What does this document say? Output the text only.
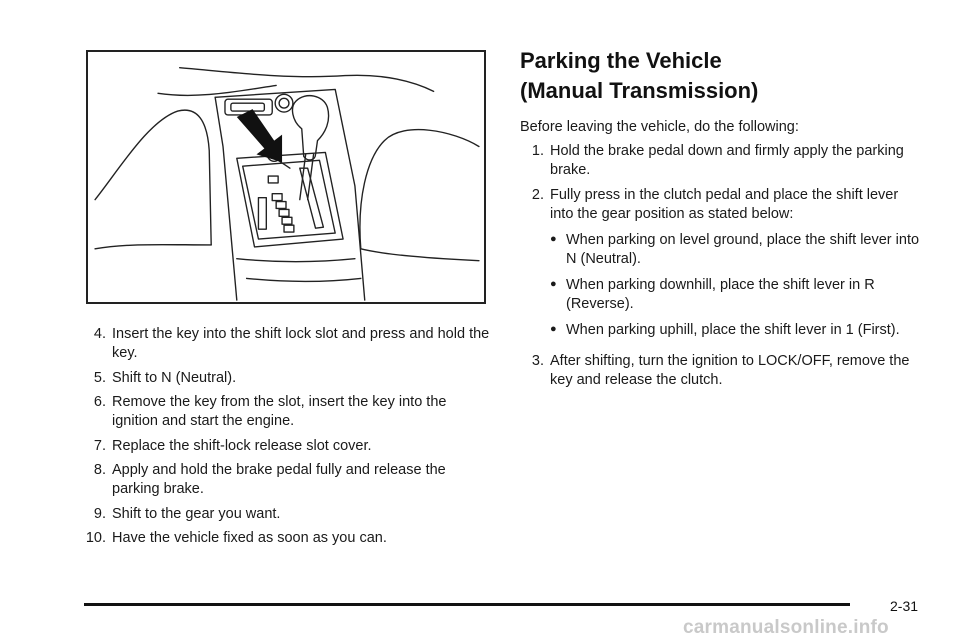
4. Insert the key into the shift lock slot and press and hold the key.
5. Shift to N (Neutral).
6. Remove the key from the slot, insert the key into the ignition and start the engine.
7. Replace the shift-lock release slot cover.
8. Apply and hold the brake pedal fully and release the parking brake.
9. Shift to the gear you want.
10. Have the vehicle fixed as soon as you can.
Parking the Vehicle
(Manual Transmission)

Before leaving the vehicle, do the following:

1. Hold the brake pedal down and firmly apply the parking brake.
2. Fully press in the clutch pedal and place the shift lever into the gear position as stated below:
● When parking on level ground, place the shift lever into N (Neutral).
● When parking downhill, place the shift lever in R (Reverse).
● When parking uphill, place the shift lever in 1 (First).
3. After shifting, turn the ignition to LOCK/OFF, remove the key and release the clutch.
2-31
carmanualsonline.info
